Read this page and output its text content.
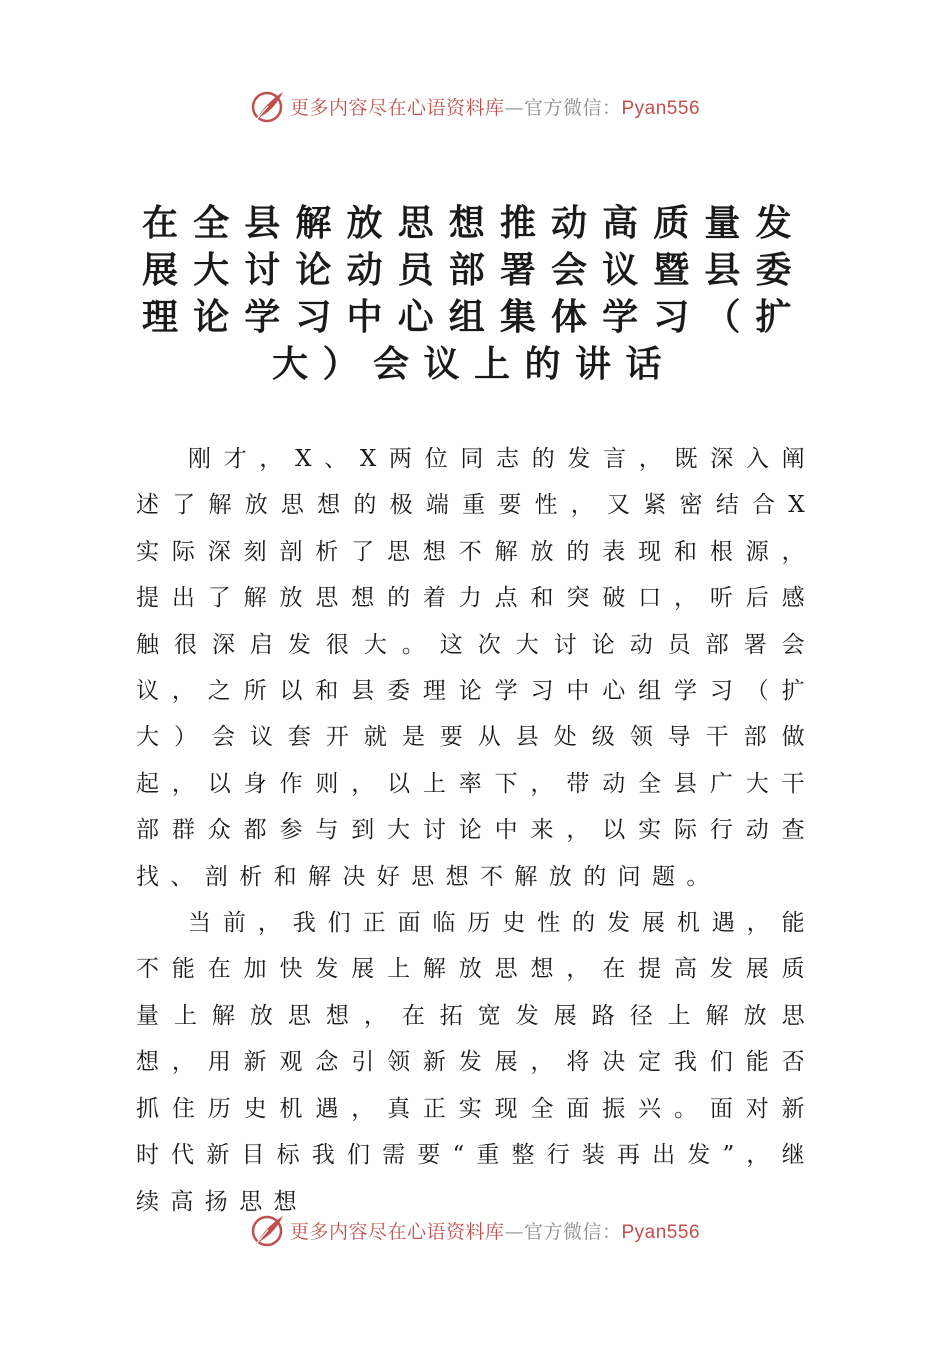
更多内容尽在心语资料库—官方微信：Pyan556
在全县解放思想推动高质量发展大讨论动员部署会议暨县委理论学习中心组集体学习（扩大）会议上的讲话

刚才，X、X两位同志的发言，既深入阐述了解放思想的极端重要性，又紧密结合X实际深刻剖析了思想不解放的表现和根源，提出了解放思想的着力点和突破口，听后感触很深启发很大。这次大讨论动员部署会议，之所以和县委理论学习中心组学习（扩大）会议套开就是要从县处级领导干部做起，以身作则，以上率下，带动全县广大干部群众都参与到大讨论中来，以实际行动查找、剖析和解决好思想不解放的问题。

当前，我们正面临历史性的发展机遇，能不能在加快发展上解放思想，在提高发展质量上解放思想，在拓宽发展路径上解放思想，用新观念引领新发展，将决定我们能否抓住历史机遇，真正实现全面振兴。面对新时代新目标我们需要“重整行装再出发”，继续高扬思想

更多内容尽在心语资料库—官方微信：Pyan556
